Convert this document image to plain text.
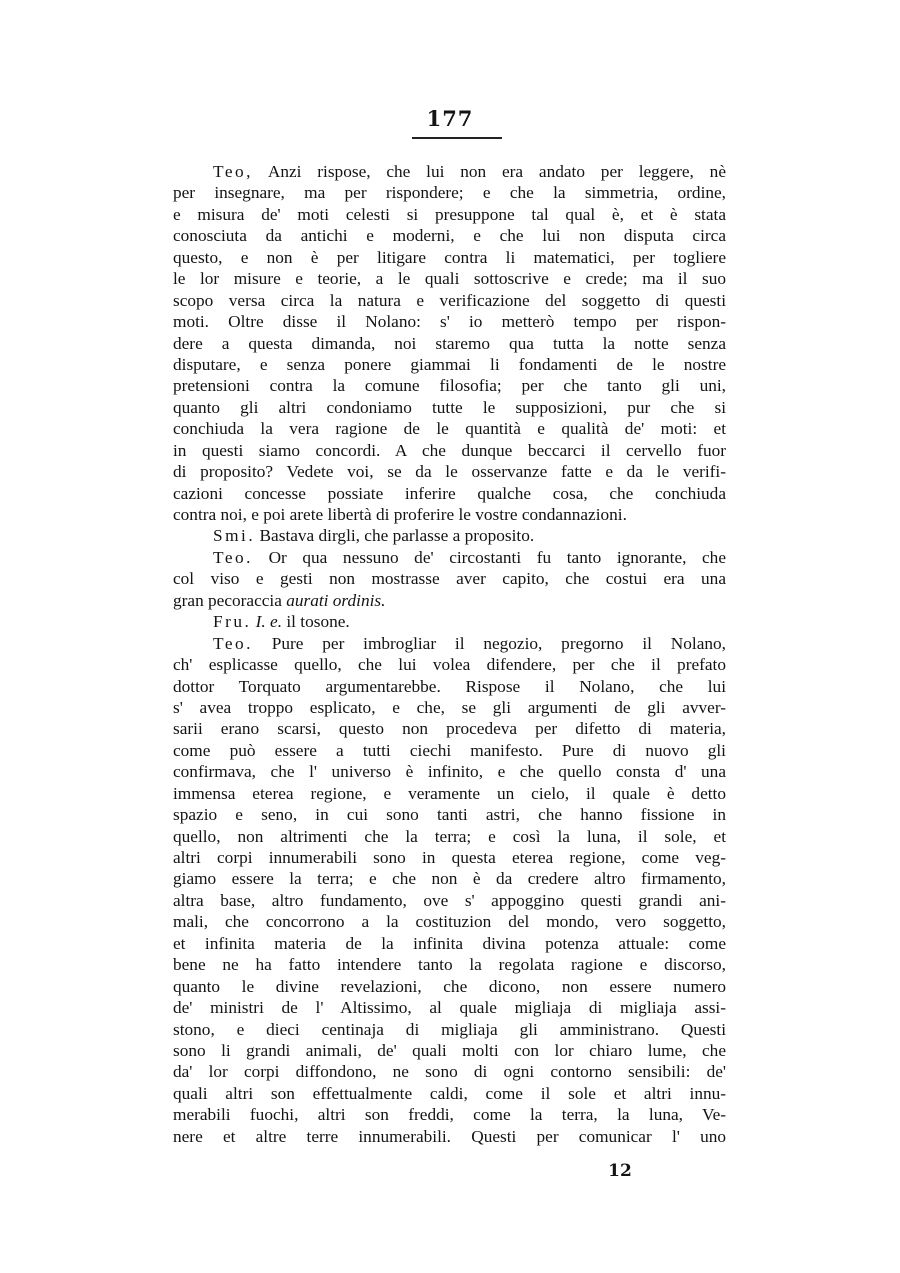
177
Teo, Anzi rispose, che lui non era andato per leggere, nè
per insegnare, ma per rispondere; e che la simmetria, ordine,
e misura de' moti celesti si presuppone tal qual è, et è stata
conosciuta da antichi e moderni, e che lui non disputa circa
questo, e non è per litigare contra li matematici, per togliere
le lor misure e teorie, a le quali sottoscrive e crede; ma il suo
scopo versa circa la natura e verificazione del soggetto di questi
moti. Oltre disse il Nolano: s' io metterò tempo per rispon-
dere a questa dimanda, noi staremo qua tutta la notte senza
disputare, e senza ponere giammai li fondamenti de le nostre
pretensioni contra la comune filosofia; per che tanto gli uni,
quanto gli altri condoniamo tutte le supposizioni, pur che si
conchiuda la vera ragione de le quantità e qualità de' moti: et
in questi siamo concordi. A che dunque beccarci il cervello fuor
di proposito? Vedete voi, se da le osservanze fatte e da le verifi-
cazioni concesse possiate inferire qualche cosa, che conchiuda
contra noi, e poi arete libertà di proferire le vostre condannazioni.
Smi. Bastava dirgli, che parlasse a proposito.
Teo. Or qua nessuno de' circostanti fu tanto ignorante, che
col viso e gesti non mostrasse aver capito, che costui era una
gran pecoraccia aurati ordinis.
Fru. I. e. il tosone.
Teo. Pure per imbrogliar il negozio, pregorno il Nolano,
ch' esplicasse quello, che lui volea difendere, per che il prefato
dottor Torquato argumentarebbe. Rispose il Nolano, che lui
s' avea troppo esplicato, e che, se gli argumenti de gli avver-
sarii erano scarsi, questo non procedeva per difetto di materia,
come può essere a tutti ciechi manifesto. Pure di nuovo gli
confirmava, che l' universo è infinito, e che quello consta d' una
immensa eterea regione, e veramente un cielo, il quale è detto
spazio e seno, in cui sono tanti astri, che hanno fissione in
quello, non altrimenti che la terra; e così la luna, il sole, et
altri corpi innumerabili sono in questa eterea regione, come veg-
giamo essere la terra; e che non è da credere altro firmamento,
altra base, altro fundamento, ove s' appoggino questi grandi ani-
mali, che concorrono a la costituzion del mondo, vero soggetto,
et infinita materia de la infinita divina potenza attuale: come
bene ne ha fatto intendere tanto la regolata ragione e discorso,
quanto le divine revelazioni, che dicono, non essere numero
de' ministri de l' Altissimo, al quale migliaja di migliaja assi-
stono, e dieci centinaja di migliaja gli amministrano. Questi
sono li grandi animali, de' quali molti con lor chiaro lume, che
da' lor corpi diffondono, ne sono di ogni contorno sensibili: de'
quali altri son effettualmente caldi, come il sole et altri innu-
merabili fuochi, altri son freddi, come la terra, la luna, Ve-
nere et altre terre innumerabili. Questi per comunicar l' uno
12
